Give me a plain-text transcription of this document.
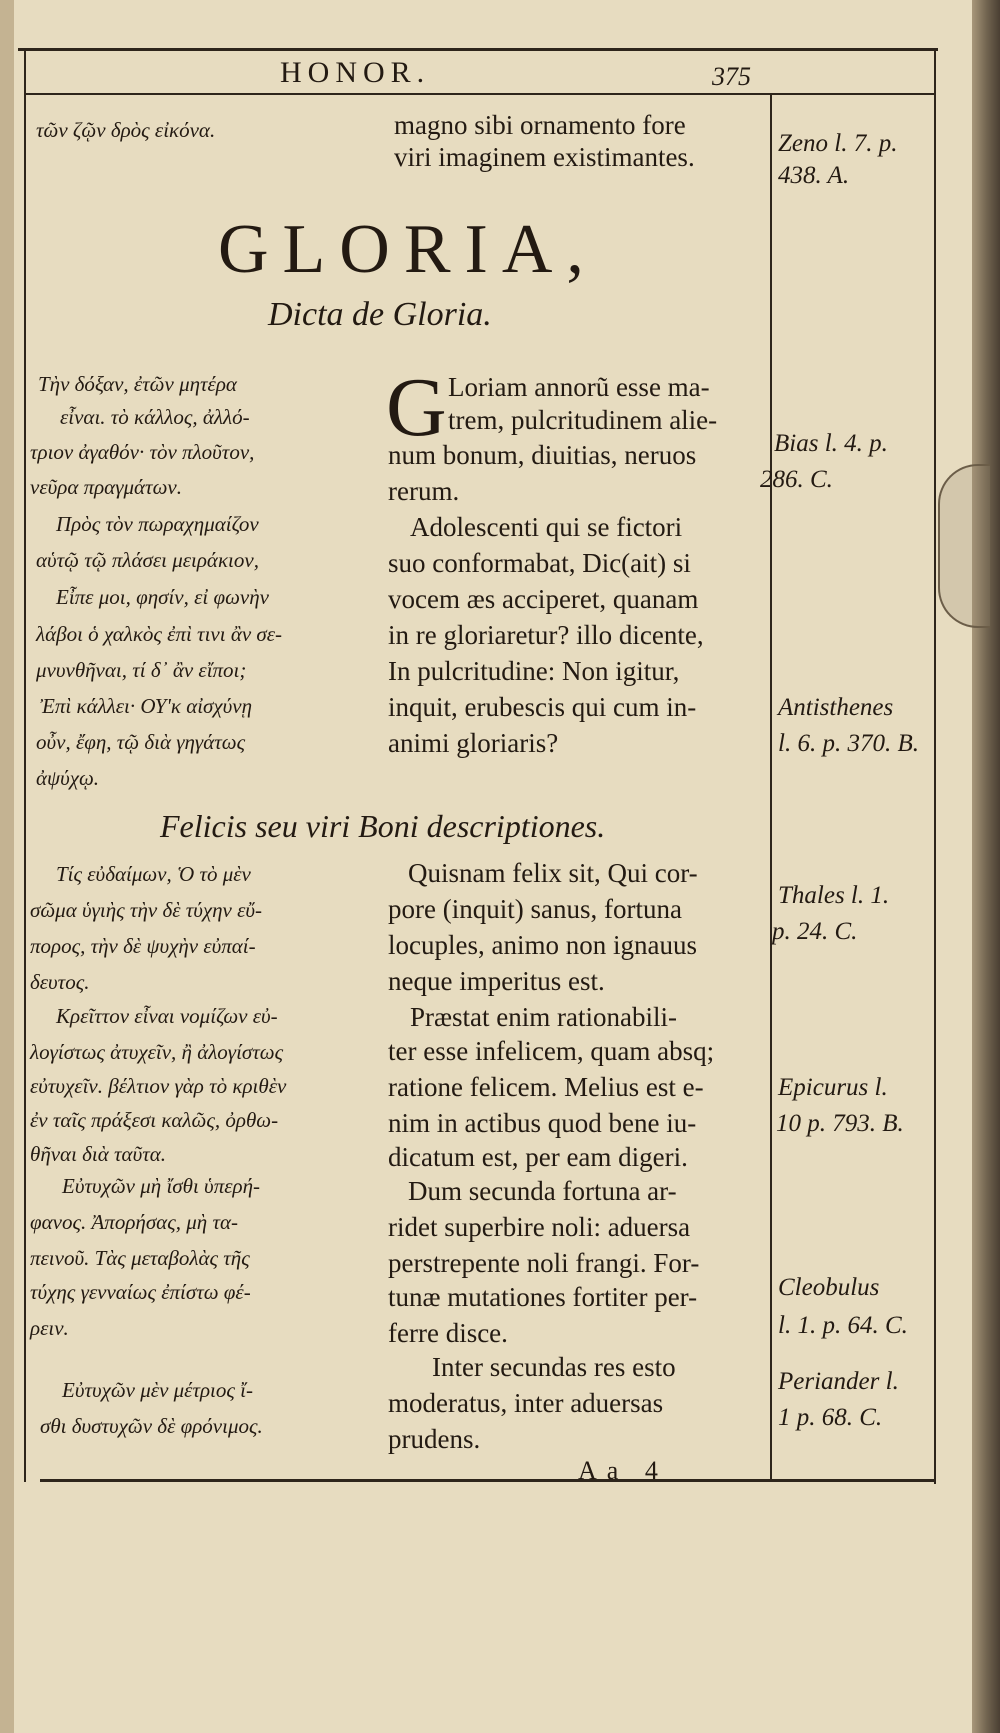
HONOR.	375
τῶν ζῷν δρὸς εἰκόνα.	magno sibi ornamento fore
viri imaginem existimantes.	Zeno l. 7. p.
438. A.
GLORIA,
Dicta de Gloria.
Τὴν δόξαν, ἐτῶν μητέρα
εἶναι. τὸ κάλλος, ἀλλό-
τριον ἀγαθόν· τὸν πλοῦτον,
νεῦρα πραγμάτων.
Πρὸς τὸν πωραχημαίζον
αὑτῷ τῷ πλάσει μειράκιον,
Εἶπε μοι, φησίν, εἰ φωνὴν
λάβοι ὁ χαλκὸς ἐπὶ τινι ἂν σε-
μνυνθῆναι, τί δ᾽ ἂν εἴποι;
Ἐπὶ κάλλει· ΟΥ'κ αἰσχύνῃ
οὖν, ἔφη, τῷ διὰ γηγάτως
ἀψύχῳ.
G Loriam annorũ esse ma-
trem, pulcritudinem alie-
num bonum, diuitias, neruos
rerum.
Adolescenti qui se fictori
suo conformabat, Dic(ait) si
vocem æs acciperet, quanam
in re gloriaretur? illo dicente,
In pulcritudine: Non igitur,
inquit, erubescis qui cum in-
animi gloriaris?
Bias l. 4. p.
286. C.
Antisthenes
l. 6. p. 370. B.
Felicis seu viri Boni descriptiones.
Τίς εὐδαίμων, Ὁ τὸ μὲν
σῶμα ὑγιὴς τὴν δὲ τύχην εὔ-
πορος, τὴν δὲ ψυχὴν εὐπαί-
δευτος.
Κρεῖττον εἶναι νομίζων εὐ-
λογίστως ἀτυχεῖν, ἢ ἀλογίστως
εὐτυχεῖν. βέλτιον γὰρ τὸ κριθὲν
ἐν ταῖς πράξεσι καλῶς, ὀρθω-
θῆναι διὰ ταῦτα.
Εὐτυχῶν μὴ ἴσθι ὑπερή-
φανος. Ἀπορήσας, μὴ τα-
πεινοῦ. Τὰς μεταβολὰς τῆς
τύχης γενναίως ἐπίστω φέ-
ρειν.
Εὐτυχῶν μὲν μέτριος ἴ-
σθι δυστυχῶν δὲ φρόνιμος.
Quisnam felix sit, Qui cor-
pore (inquit) sanus, fortuna
locuples, animo non ignauus
neque imperitus est.
Præstat enim rationabili-
ter esse infelicem, quam absq;
ratione felicem. Melius est e-
nim in actibus quod bene iu-
dicatum est, per eam digeri.
Dum secunda fortuna ar-
ridet superbire noli: aduersa
perstrepente noli frangi. For-
tunæ mutationes fortiter per-
ferre disce.
Inter secundas res esto
moderatus, inter aduersas
prudens.
Thales l. 1.
p. 24. C.
Epicurus l.
10 p. 793. B.
Cleobulus
l. 1. p. 64. C.
Periander l.
1 p. 68. C.
Aa 4
